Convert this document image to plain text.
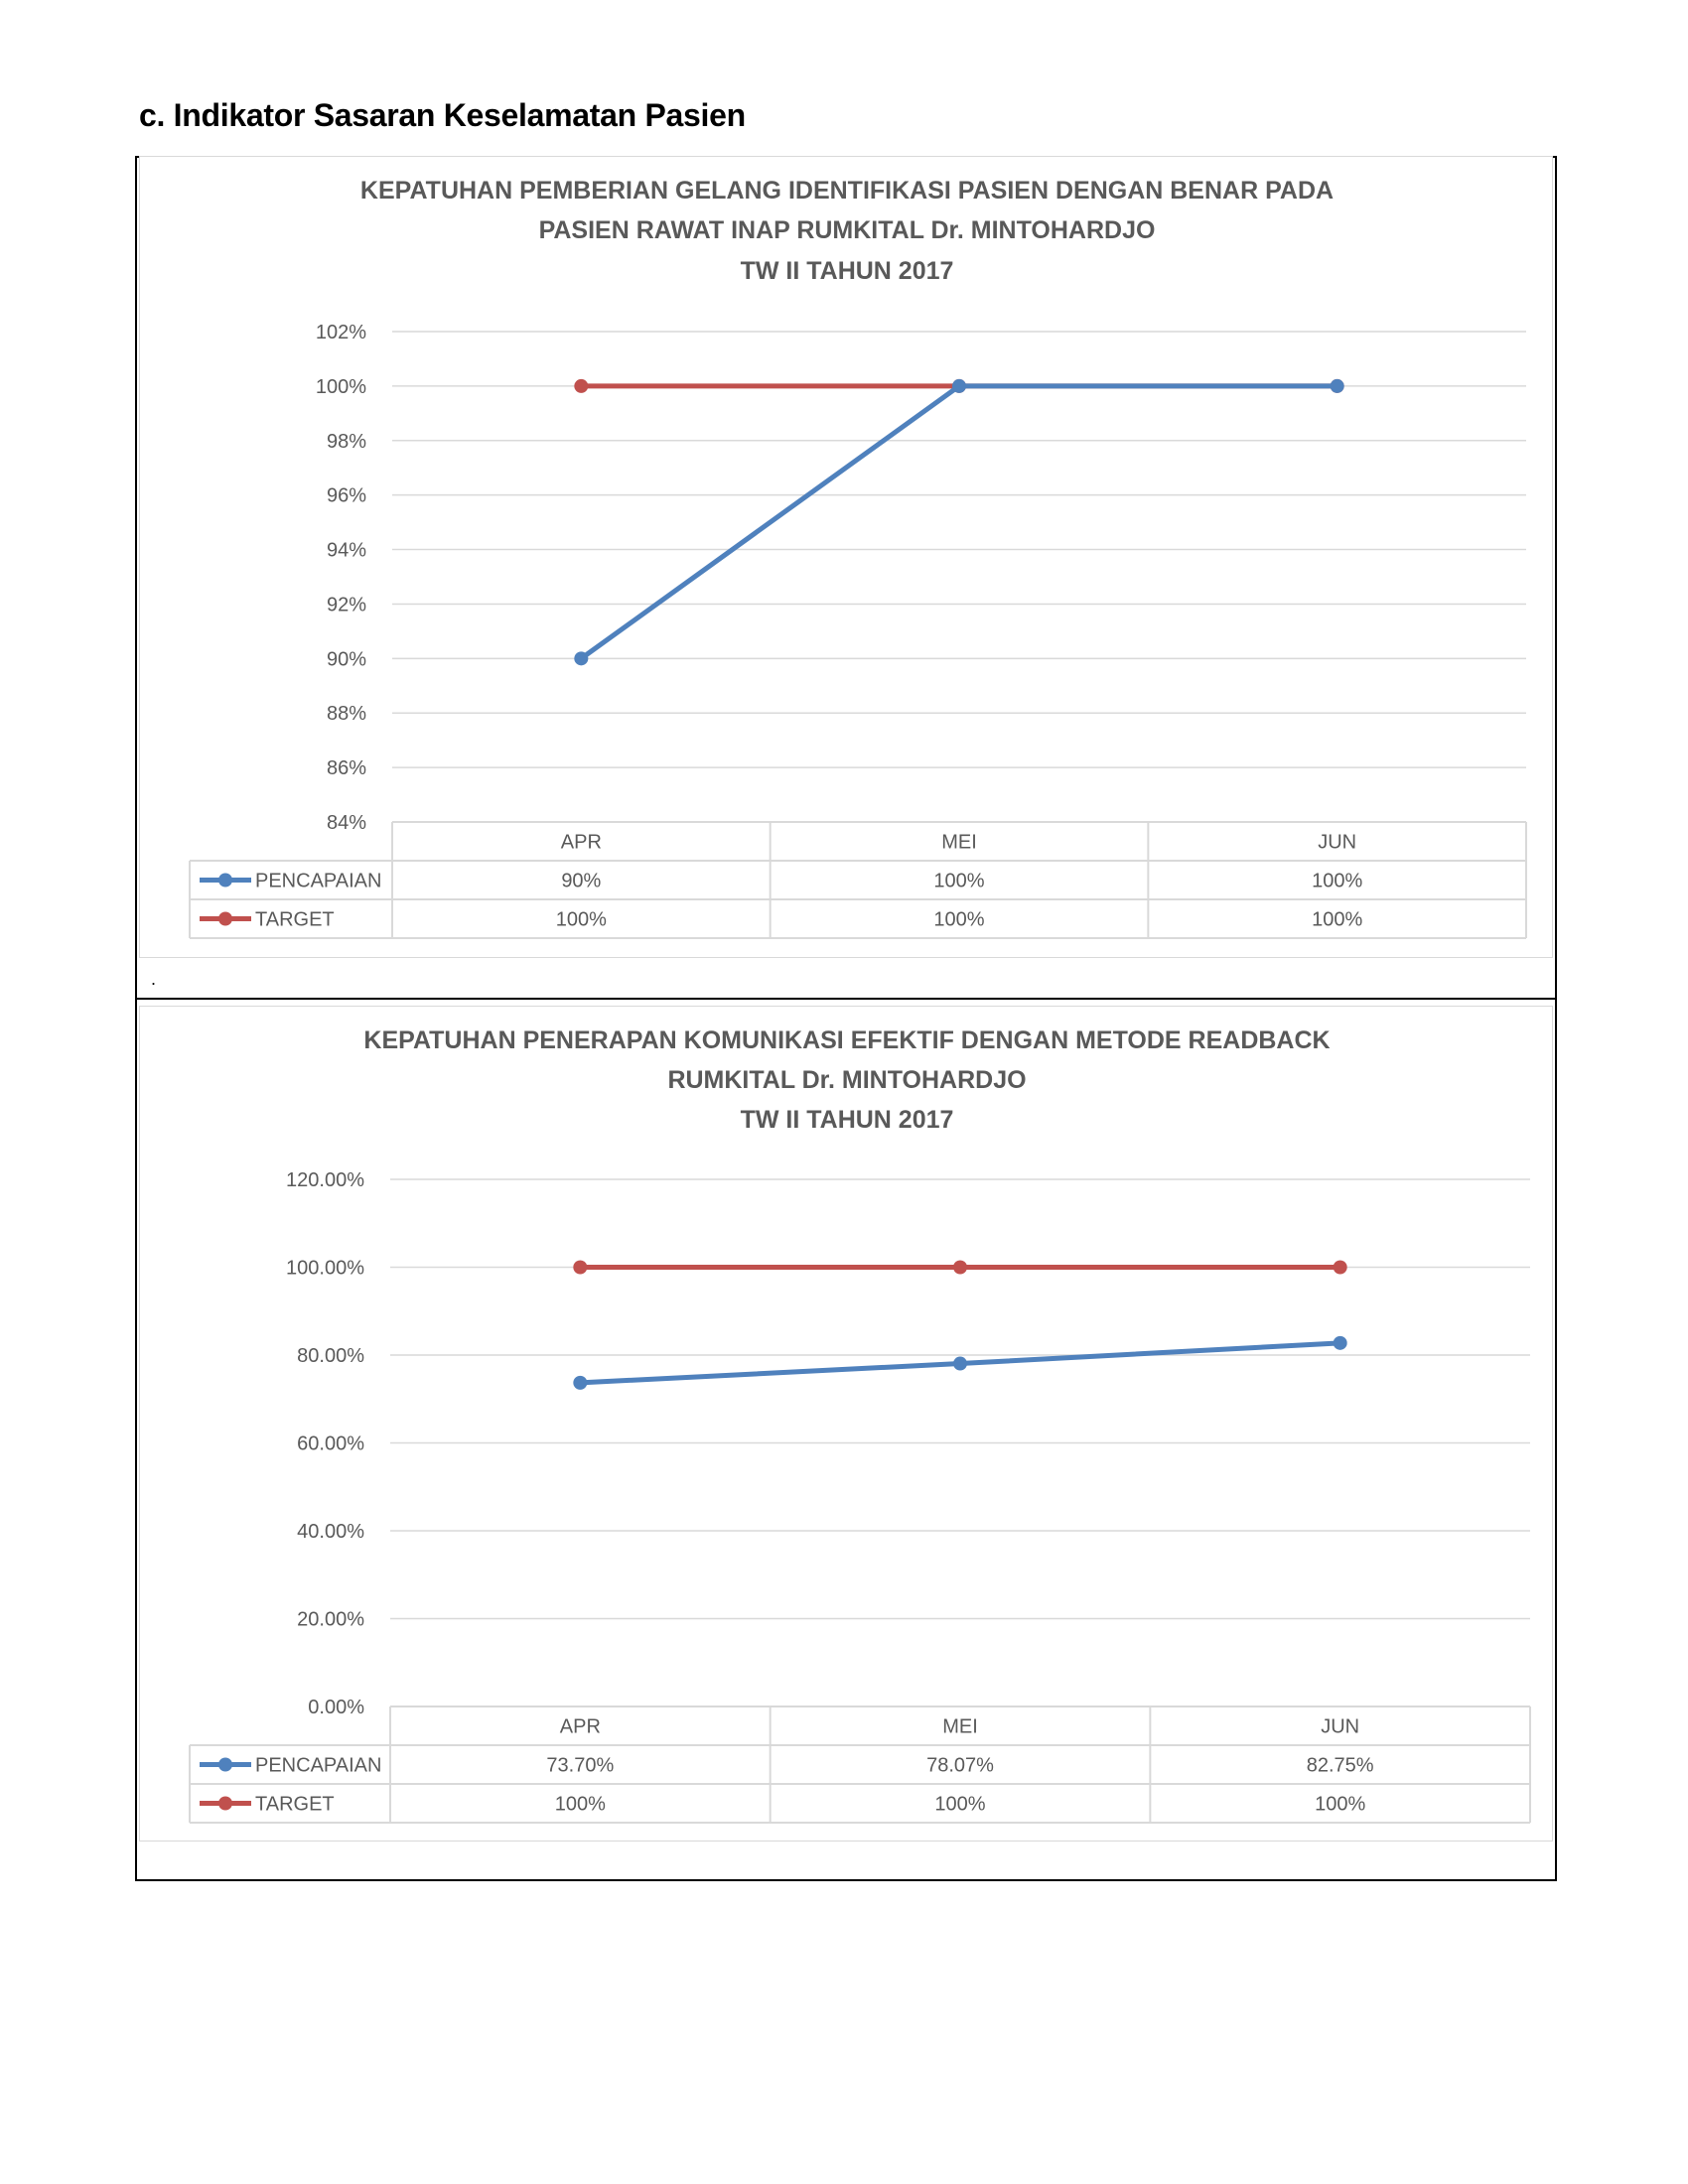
c. Indikator Sasaran Keselamatan Pasien
KEPATUHAN PEMBERIAN GELANG IDENTIFIKASI PASIEN DENGAN BENAR PADA
PASIEN RAWAT INAP RUMKITAL Dr. MINTOHARDJO
TW II TAHUN 2017
84%
86%
88%
90%
92%
94%
96%
98%
100%
102%
APR	MEI	JUN
PENCAPAIAN	90%	100%	100%
TARGET	100%	100%	100%
.
KEPATUHAN PENERAPAN KOMUNIKASI EFEKTIF DENGAN METODE READBACK
RUMKITAL Dr. MINTOHARDJO
TW II TAHUN 2017
0.00%
20.00%
40.00%
60.00%
80.00%
100.00%
120.00%
APR	MEI	JUN
PENCAPAIAN	73.70%	78.07%	82.75%
TARGET	100%	100%	100%
